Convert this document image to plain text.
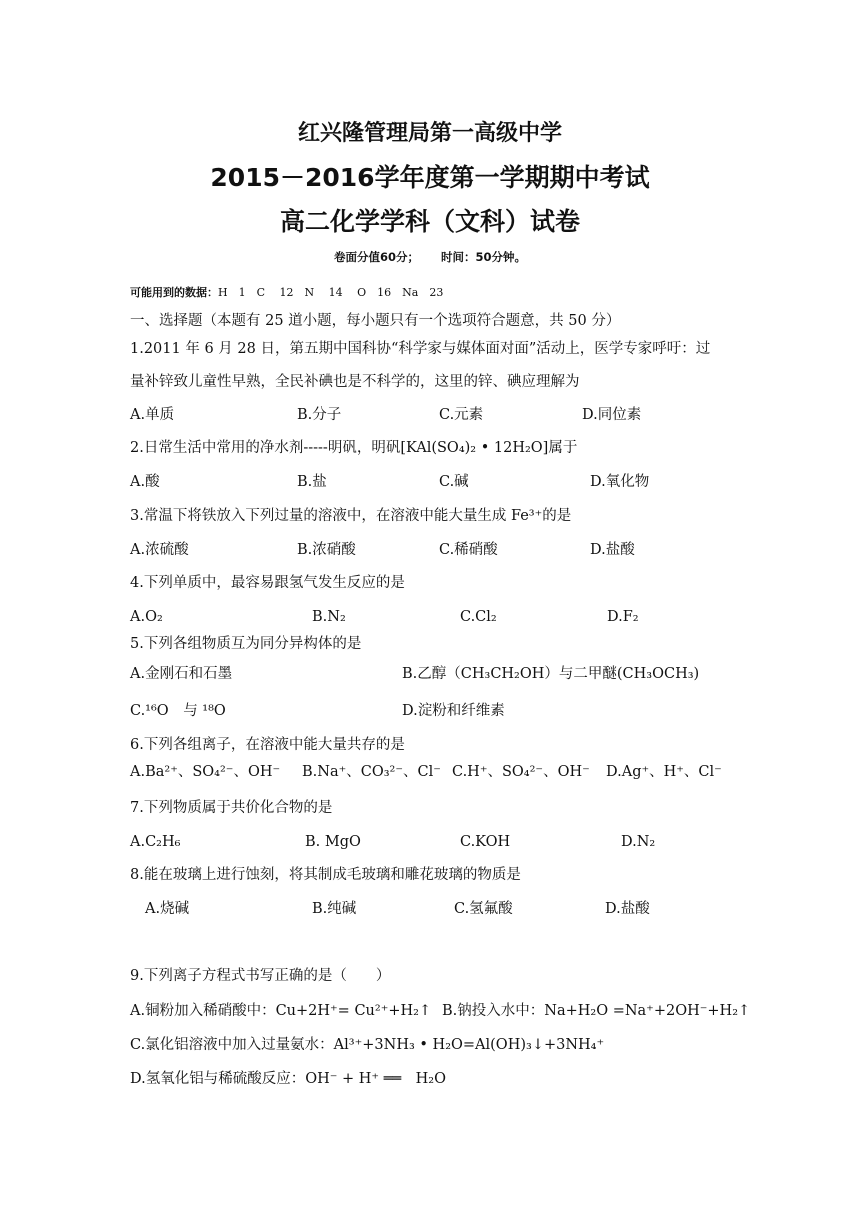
红兴隆管理局第一高级中学
2015－2016学年度第一学期期中考试
高二化学学科（文科）试卷
卷面分值60分； 时间：50分钟。
可能用到的数据：H　1　C　 12　N　 14　 O　16　Na　23
一、选择题（本题有 25 道小题，每小题只有一个选项符合题意，共 50 分）
1.2011 年 6 月 28 日，第五期中国科协“科学家与媒体面对面”活动上，医学专家呼吁：过
量补锌致儿童性早熟，全民补碘也是不科学的，这里的锌、碘应理解为
A.单质	B.分子	C.元素	D.同位素
2.日常生活中常用的净水剂-----明矾，明矾[KAl(SO₄)₂ • 12H₂O]属于
A.酸	B.盐	C.碱	D.氧化物
3.常温下将铁放入下列过量的溶液中，在溶液中能大量生成 Fe³⁺的是
A.浓硫酸	B.浓硝酸	C.稀硝酸	D.盐酸
4.下列单质中，最容易跟氢气发生反应的是
A.O₂	B.N₂	C.Cl₂	D.F₂
5.下列各组物质互为同分异构体的是
A.金刚石和石墨	B.乙醇（CH₃CH₂OH）与二甲醚(CH₃OCH₃)
C.¹⁶O　与 ¹⁸O	D.淀粉和纤维素
6.下列各组离子，在溶液中能大量共存的是
A.Ba²⁺、SO₄²⁻、OH⁻ B.Na⁺、CO₃²⁻、Cl⁻ C.H⁺、SO₄²⁻、OH⁻ D.Ag⁺、H⁺、Cl⁻
7.下列物质属于共价化合物的是
A.C₂H₆	B. MgO	C.KOH	D.N₂
8.能在玻璃上进行蚀刻，将其制成毛玻璃和雕花玻璃的物质是
A.烧碱	B.纯碱	C.氢氟酸	D.盐酸
9.下列离子方程式书写正确的是（　　）
A.铜粉加入稀硝酸中：Cu+2H⁺= Cu²⁺+H₂↑ B.钠投入水中：Na+H₂O =Na⁺+2OH⁻+H₂↑
C.氯化铝溶液中加入过量氨水：Al³⁺+3NH₃ • H₂O=Al(OH)₃↓+3NH₄⁺
D.氢氧化铝与稀硫酸反应：OH⁻ + H⁺ ══　H₂O
